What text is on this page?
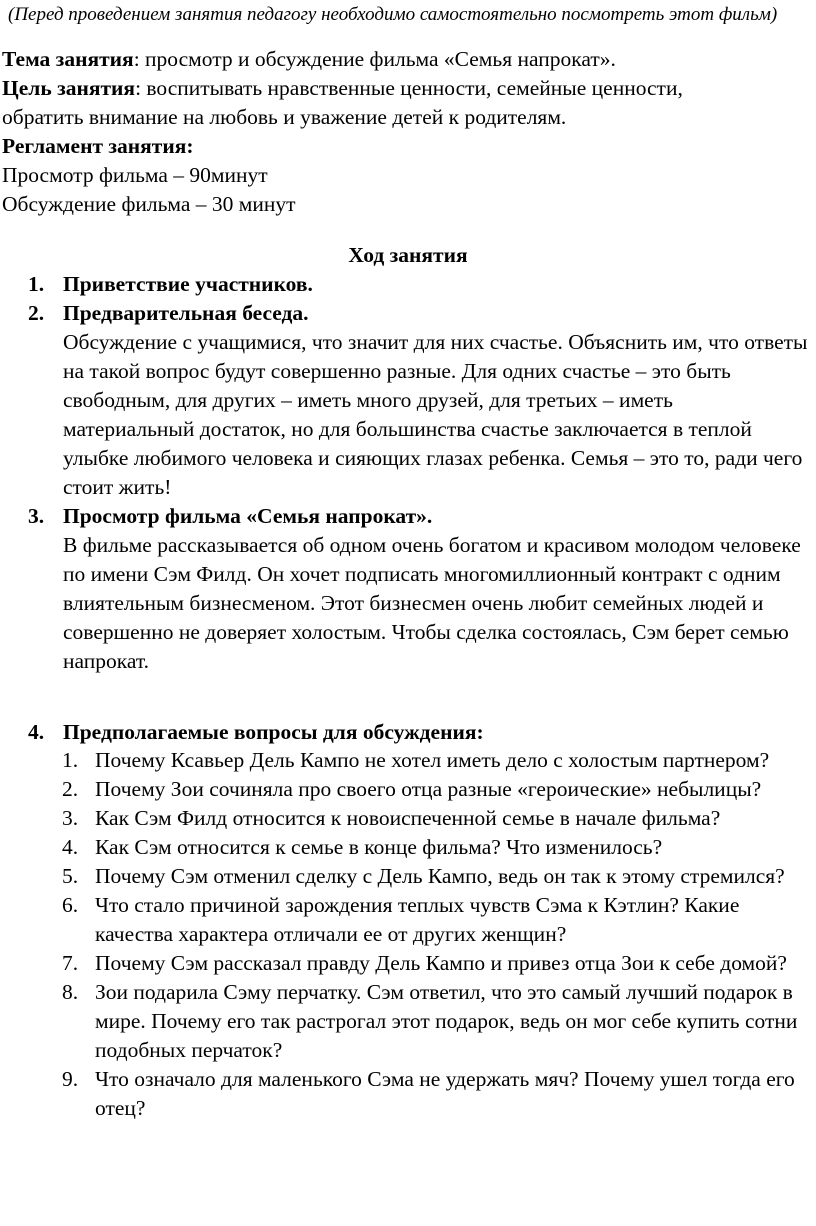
(Перед проведением занятия педагогу необходимо самостоятельно посмотреть этот фильм)
Тема занятия: просмотр и обсуждение фильма «Семья напрокат».
Цель занятия: воспитывать нравственные ценности, семейные ценности,
обратить внимание на любовь и уважение детей к родителям.
Регламент занятия:
Просмотр фильма – 90минут
Обсуждение фильма – 30 минут
Ход занятия
1. Приветствие участников.
2. Предварительная беседа.
Обсуждение с учащимися, что значит для них счастье. Объяснить им, что ответы на такой вопрос будут совершенно разные. Для одних счастье – это быть свободным, для других – иметь много друзей, для третьих – иметь материальный достаток, но для большинства счастье заключается в теплой улыбке любимого человека и сияющих глазах ребенка. Семья – это то, ради чего стоит жить!
3. Просмотр фильма «Семья напрокат».
В фильме рассказывается об одном очень богатом и красивом молодом человеке по имени Сэм Филд. Он хочет подписать многомиллионный контракт с одним влиятельным бизнесменом. Этот бизнесмен очень любит семейных людей и совершенно не доверяет холостым. Чтобы сделка состоялась, Сэм берет семью напрокат.
4. Предполагаемые вопросы для обсуждения:
1. Почему Ксавьер Дель Кампо не хотел иметь дело с холостым партнером?
2. Почему Зои сочиняла про своего отца разные «героические» небылицы?
3. Как Сэм Филд относится к новоиспеченной семье в начале фильма?
4. Как Сэм относится к семье в конце фильма? Что изменилось?
5. Почему Сэм отменил сделку с Дель Кампо, ведь он так к этому стремился?
6. Что стало причиной зарождения теплых чувств Сэма к Кэтлин? Какие качества характера отличали ее от других женщин?
7. Почему Сэм рассказал правду Дель Кампо и привез отца Зои к себе домой?
8. Зои подарила Сэму перчатку. Сэм ответил, что это самый лучший подарок в мире. Почему его так растрогал этот подарок, ведь он мог себе купить сотни подобных перчаток?
9. Что означало для маленького Сэма не удержать мяч? Почему ушел тогда его отец?
